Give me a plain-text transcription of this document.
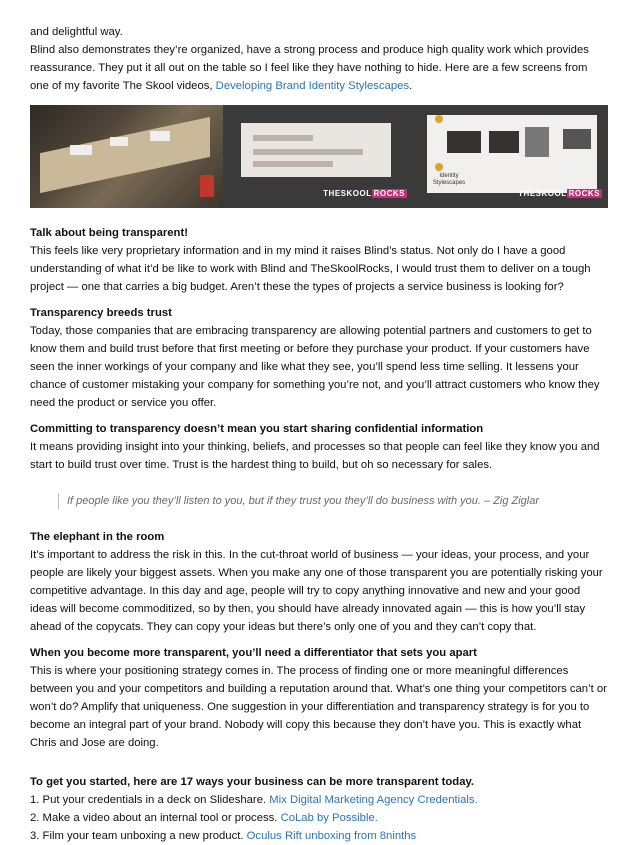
and delightful way.

Blind also demonstrates they’re organized, have a strong process and produce high quality work which provides reassurance. They put it all out on the table so I feel like they have nothing to hide. Here are a few screens from one of my favorite The Skool videos, Developing Brand Identity Stylescapes.

THESKOOL ROCKS
Identity Stylescapes
THESKOOL ROCKS

Talk about being transparent!

This feels like very proprietary information and in my mind it raises Blind’s status. Not only do I have a good understanding of what it’d be like to work with Blind and TheSkoolRocks, I would trust them to deliver on a tough project — one that carries a big budget. Aren’t these the types of projects a service business is looking for?

Transparency breeds trust

Today, those companies that are embracing transparency are allowing potential partners and customers to get to know them and build trust before that first meeting or before they purchase your product. If your customers have seen the inner workings of your company and like what they see, you’ll spend less time selling. It lessens your chance of customer mistaking your company for something you’re not, and you’ll attract customers who know they need the product or service you offer.

Committing to transparency doesn’t mean you start sharing confidential information

It means providing insight into your thinking, beliefs, and processes so that people can feel like they know you and start to build trust over time. Trust is the hardest thing to build, but oh so necessary for sales.

If people like you they’ll listen to you, but if they trust you they’ll do business with you. – Zig Ziglar

The elephant in the room

It’s important to address the risk in this. In the cut-throat world of business — your ideas, your process, and your people are likely your biggest assets. When you make any one of those transparent you are potentially risking your competitive advantage. In this day and age, people will try to copy anything innovative and new and your good ideas will become commoditized, so by then, you should have already innovated again — this is how you’ll stay ahead of the copycats. They can copy your ideas but there’s only one of you and they can’t copy that.

When you become more transparent, you’ll need a differentiator that sets you apart

This is where your positioning strategy comes in. The process of finding one or more meaningful differences between you and your competitors and building a reputation around that. What’s one thing your competitors can’t or won’t do? Amplify that uniqueness. One suggestion in your differentiation and transparency strategy is for you to become an integral part of your brand. Nobody will copy this because they don’t have you. This is exactly what Chris and Jose are doing.

To get you started, here are 17 ways your business can be more transparent today.

1. Put your credentials in a deck on Slideshare. Mix Digital Marketing Agency Credentials.

2. Make a video about an internal tool or process. CoLab by Possible.

3. Film your team unboxing a new product. Oculus Rift unboxing from 8ninths
